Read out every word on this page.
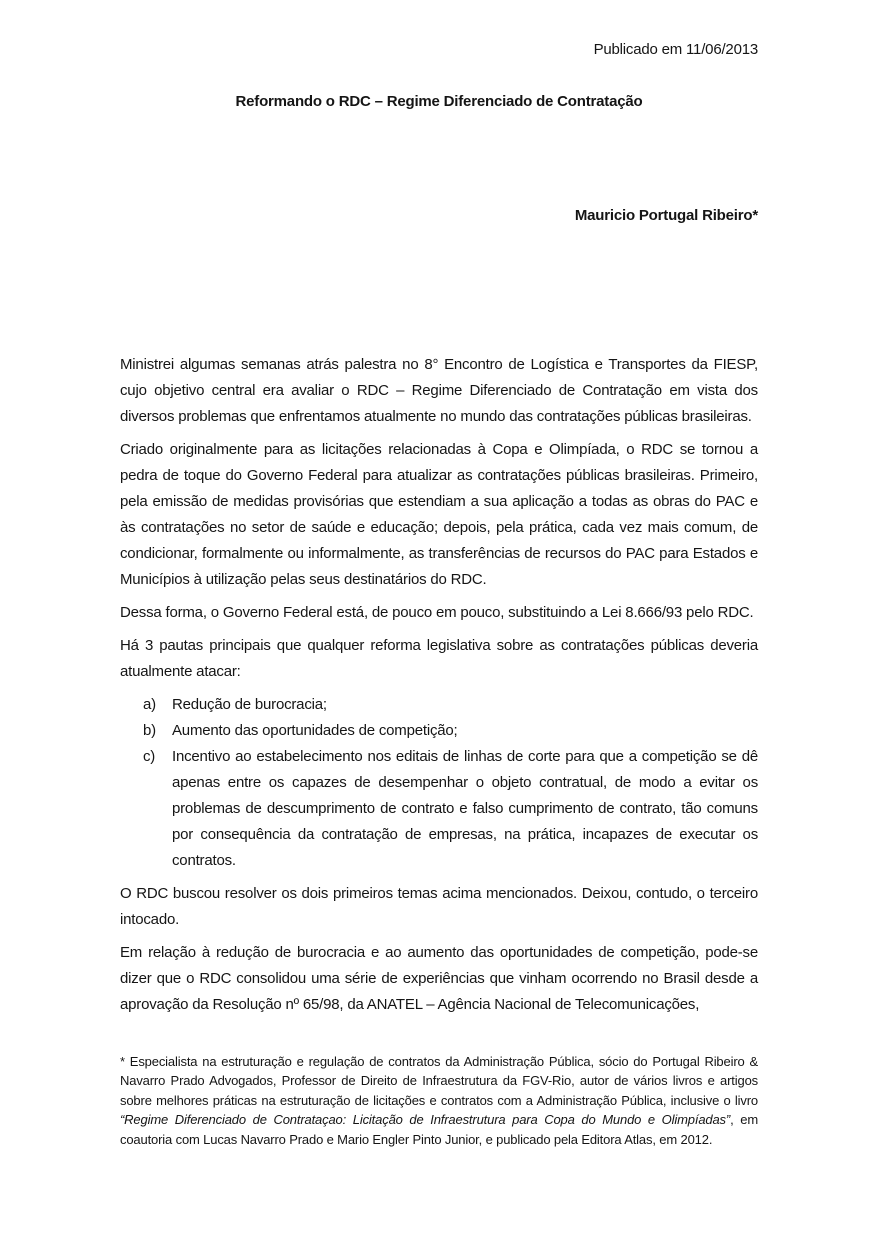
Publicado em 11/06/2013
Reformando o RDC – Regime Diferenciado de Contratação
Mauricio Portugal Ribeiro*

Ministrei algumas semanas atrás palestra no 8° Encontro de Logística e Transportes da FIESP, cujo objetivo central era avaliar o RDC – Regime Diferenciado de Contratação em vista dos diversos problemas que enfrentamos atualmente no mundo das contratações públicas brasileiras.

Criado originalmente para as licitações relacionadas à Copa e Olimpíada, o RDC se tornou a pedra de toque do Governo Federal para atualizar as contratações públicas brasileiras. Primeiro, pela emissão de medidas provisórias que estendiam a sua aplicação a todas as obras do PAC e às contratações no setor de saúde e educação; depois, pela prática, cada vez mais comum, de condicionar, formalmente ou informalmente, as transferências de recursos do PAC para Estados e Municípios à utilização pelas seus destinatários do RDC.

Dessa forma, o Governo Federal está, de pouco em pouco, substituindo a Lei 8.666/93 pelo RDC.

Há 3 pautas principais que qualquer reforma legislativa sobre as contratações públicas deveria atualmente atacar:

a)	Redução de burocracia;
b)	Aumento das oportunidades de competição;
c)	Incentivo ao estabelecimento nos editais de linhas de corte para que a competição se dê apenas entre os capazes de desempenhar o objeto contratual, de modo a evitar os problemas de descumprimento de contrato e falso cumprimento de contrato, tão comuns por consequência da contratação de empresas, na prática, incapazes de executar os contratos.

O RDC buscou resolver os dois primeiros temas acima mencionados. Deixou, contudo, o terceiro intocado.

Em relação à redução de burocracia e ao aumento das oportunidades de competição, pode-se dizer que o RDC consolidou uma série de experiências que vinham ocorrendo no Brasil desde a aprovação da Resolução nº 65/98, da ANATEL – Agência Nacional de Telecomunicações,

* Especialista na estruturação e regulação de contratos da Administração Pública, sócio do Portugal Ribeiro & Navarro Prado Advogados, Professor de Direito de Infraestrutura da FGV-Rio, autor de vários livros e artigos sobre melhores práticas na estruturação de licitações e contratos com a Administração Pública, inclusive o livro “Regime Diferenciado de Contrataçao: Licitação de Infraestrutura para Copa do Mundo e Olimpíadas”, em coautoria com Lucas Navarro Prado e Mario Engler Pinto Junior, e publicado pela Editora Atlas, em 2012.
